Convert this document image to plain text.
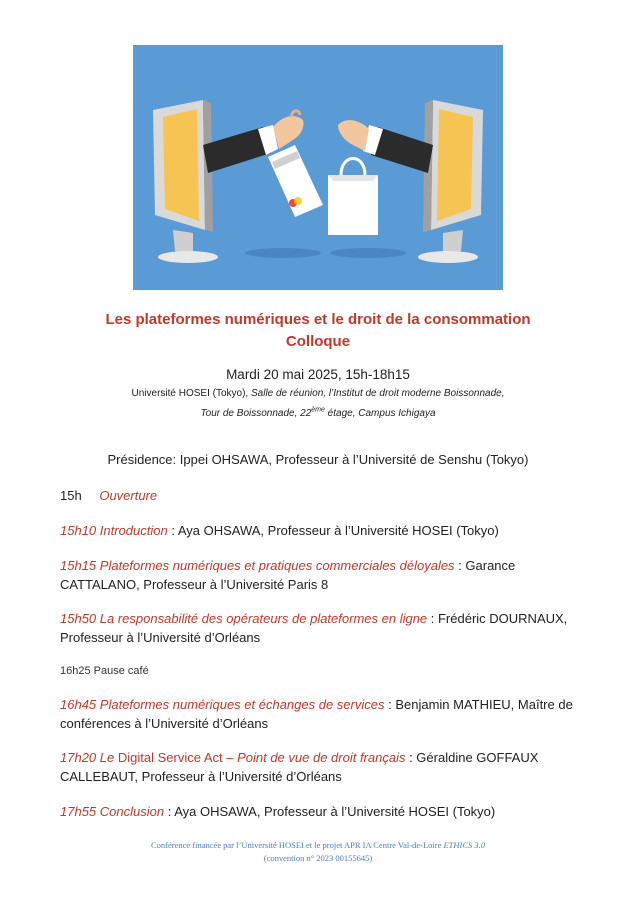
Les plateformes numériques et le droit de la consommation
Colloque
Mardi 20 mai 2025, 15h-18h15
Université HOSEI (Tokyo), Salle de réunion, l’Institut de droit moderne Boissonnade,
Tour de Boissonnade, 22ème étage, Campus Ichigaya
Présidence: Ippei OHSAWA, Professeur à l’Université de Senshu (Tokyo)
15h Ouverture
15h10 Introduction : Aya OHSAWA, Professeur à l’Université HOSEI (Tokyo)
15h15 Plateformes numériques et pratiques commerciales déloyales : Garance
CATTALANO, Professeur à l’Université Paris 8
15h50 La responsabilité des opérateurs de plateformes en ligne : Frédéric DOURNAUX,
Professeur à l’Université d’Orléans
16h25 Pause café
16h45 Plateformes numériques et échanges de services : Benjamin MATHIEU, Maître de
conférences à l’Université d’Orléans
17h20 Le Digital Service Act – Point de vue de droit français : Géraldine GOFFAUX
CALLEBAUT, Professeur à l’Université d’Orléans
17h55 Conclusion : Aya OHSAWA, Professeur à l’Université HOSEI (Tokyo)
Conférence financée par l’Université HOSEI et le projet APR IA Centre Val-de-Loire ETHICS 3.0
(convention n° 2023 00155645)
